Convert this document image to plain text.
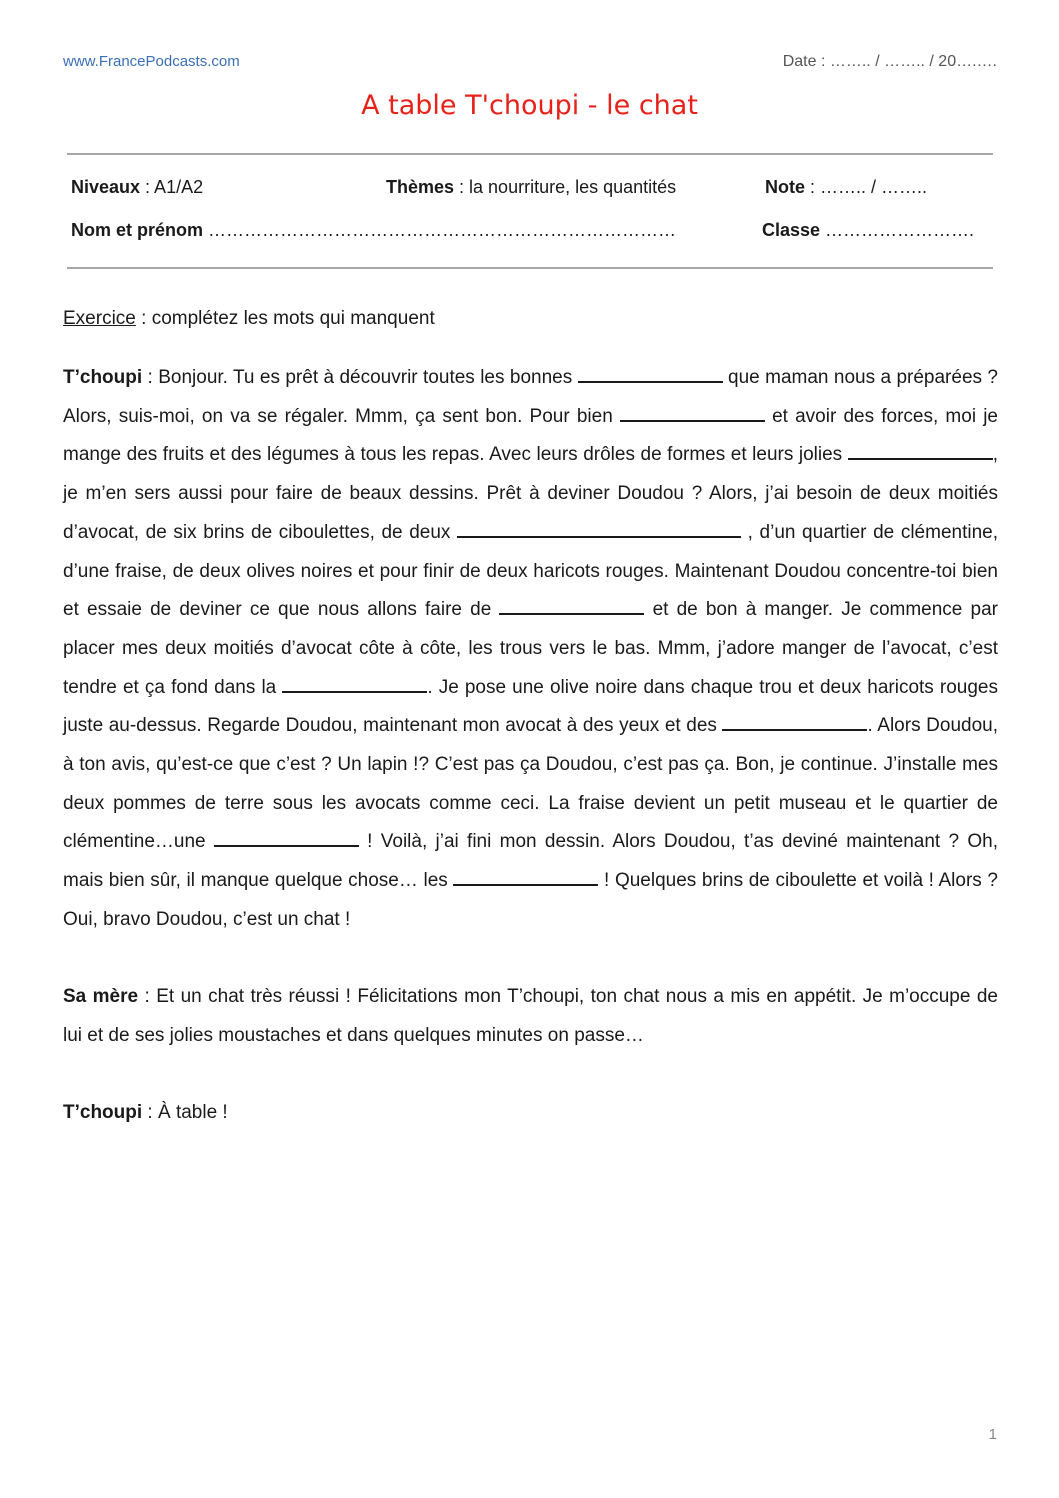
www.FrancePodcasts.com	Date : …….. / …….. / 20….….
A table T'choupi - le chat
Niveaux : A1/A2	Thèmes : la nourriture, les quantités	Note : …….. / ……..
Nom et prénom ……………………………………………………………………	Classe …………………….
Exercice : complétez les mots qui manquent

T’choupi : Bonjour. Tu es prêt à découvrir toutes les bonnes	que maman nous a préparées ? Alors, suis-moi, on va se régaler. Mmm, ça sent bon. Pour bien	et avoir des forces, moi je mange des fruits et des légumes à tous les repas. Avec leurs drôles de formes et leurs jolies	, je m’en sers aussi pour faire de beaux dessins. Prêt à deviner Doudou ? Alors, j’ai besoin de deux moitiés d’avocat, de six brins de ciboulettes, de deux	, d’un quartier de clémentine, d’une fraise, de deux olives noires et pour finir de deux haricots rouges. Maintenant Doudou concentre-toi bien et essaie de deviner ce que nous allons faire de	et de bon à manger. Je commence par placer mes deux moitiés d’avocat côte à côte, les trous vers le bas. Mmm, j’adore manger de l’avocat, c’est tendre et ça fond dans la	. Je pose une olive noire dans chaque trou et deux haricots rouges juste au-dessus. Regarde Doudou, maintenant mon avocat à des yeux et des	. Alors Doudou, à ton avis, qu’est-ce que c’est ? Un lapin !? C’est pas ça Doudou, c’est pas ça. Bon, je continue. J’installe mes deux pommes de terre sous les avocats comme ceci. La fraise devient un petit museau et le quartier de clémentine…une	! Voilà, j’ai fini mon dessin. Alors Doudou, t’as deviné maintenant ? Oh, mais bien sûr, il manque quelque chose… les	! Quelques brins de ciboulette et voilà ! Alors ? Oui, bravo Doudou, c’est un chat !

Sa mère : Et un chat très réussi ! Félicitations mon T’choupi, ton chat nous a mis en appétit. Je m’occupe de lui et de ses jolies moustaches et dans quelques minutes on passe…

T’choupi : À table !

1
